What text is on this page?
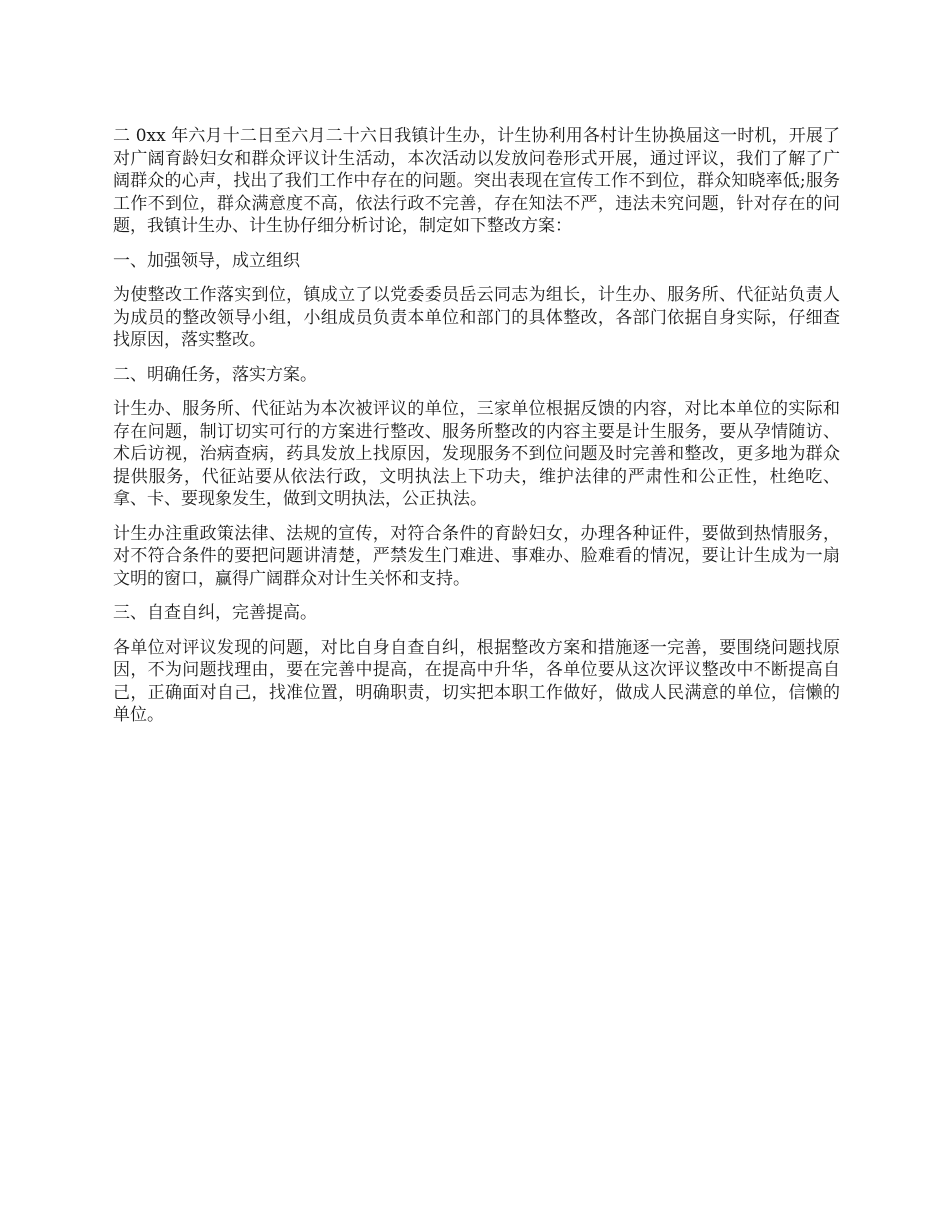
二 0xx 年六月十二日至六月二十六日我镇计生办，计生协利用各村计生协换届这一时机，开展了对广阔育龄妇女和群众评议计生活动，本次活动以发放问卷形式开展，通过评议，我们了解了广阔群众的心声，找出了我们工作中存在的问题。突出表现在宣传工作不到位，群众知晓率低;服务工作不到位，群众满意度不高，依法行政不完善，存在知法不严，违法未究问题，针对存在的问题，我镇计生办、计生协仔细分析讨论，制定如下整改方案：

一、加强领导，成立组织

为使整改工作落实到位，镇成立了以党委委员岳云同志为组长，计生办、服务所、代征站负责人为成员的整改领导小组，小组成员负责本单位和部门的具体整改，各部门依据自身实际，仔细查找原因，落实整改。

二、明确任务，落实方案。

计生办、服务所、代征站为本次被评议的单位，三家单位根据反馈的内容，对比本单位的实际和存在问题，制订切实可行的方案进行整改、服务所整改的内容主要是计生服务，要从孕情随访、术后访视，治病查病，药具发放上找原因，发现服务不到位问题及时完善和整改，更多地为群众提供服务，代征站要从依法行政，文明执法上下功夫，维护法律的严肃性和公正性，杜绝吃、拿、卡、要现象发生，做到文明执法，公正执法。

计生办注重政策法律、法规的宣传，对符合条件的育龄妇女，办理各种证件，要做到热情服务，对不符合条件的要把问题讲清楚，严禁发生门难进、事难办、脸难看的情况，要让计生成为一扇文明的窗口，赢得广阔群众对计生关怀和支持。

三、自查自纠，完善提高。

各单位对评议发现的问题，对比自身自查自纠，根据整改方案和措施逐一完善，要围绕问题找原因，不为问题找理由，要在完善中提高，在提高中升华，各单位要从这次评议整改中不断提高自己，正确面对自己，找准位置，明确职责，切实把本职工作做好，做成人民满意的单位，信懒的单位。
